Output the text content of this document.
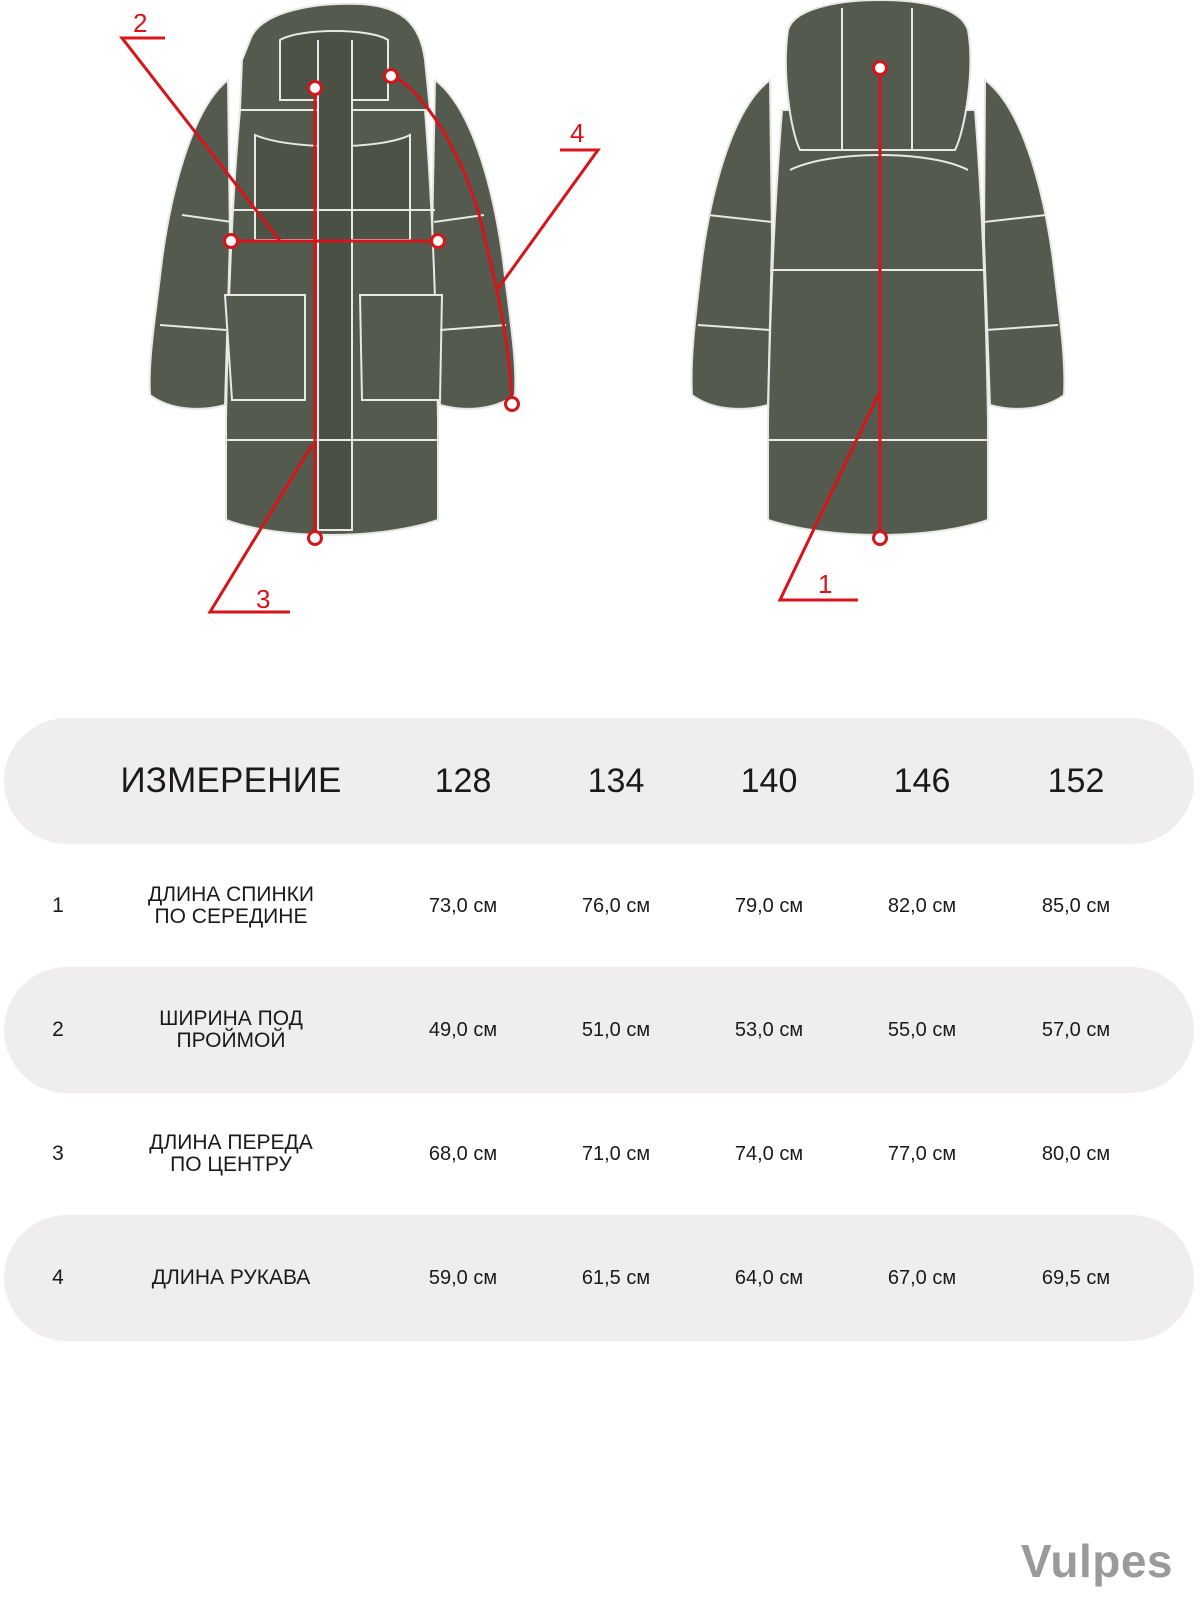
2
4
3	1
ИЗМЕРЕНИЕ	128	134	140	146	152
1	ДЛИНА СПИНКИ
ПО СЕРЕДИНЕ	73,0 см	76,0 см	79,0 см	82,0 см	85,0 см
2	ШИРИНА ПОД
ПРОЙМОЙ	49,0 см	51,0 см	53,0 см	55,0 см	57,0 см
3	ДЛИНА ПЕРЕДА
ПО ЦЕНТРУ	68,0 см	71,0 см	74,0 см	77,0 см	80,0 см
4	ДЛИНА РУКАВА	59,0 см	61,5 см	64,0 см	67,0 см	69,5 см
Vulpes
